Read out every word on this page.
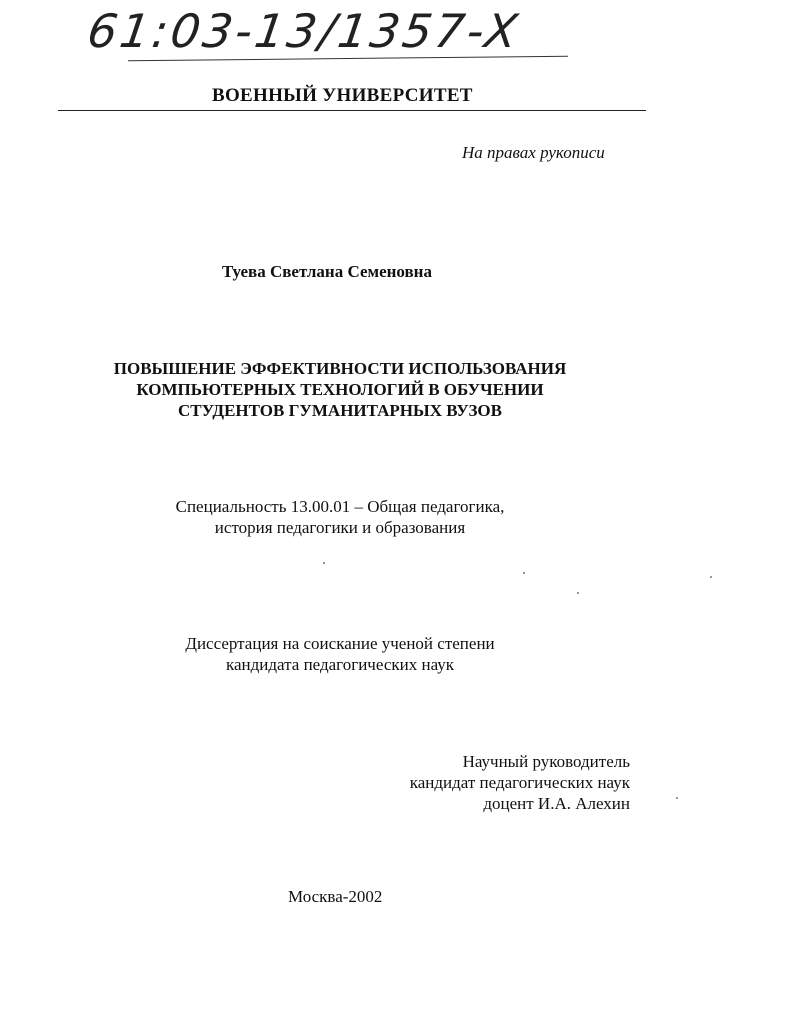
61:03-13/1357-X
ВОЕННЫЙ УНИВЕРСИТЕТ
На правах рукописи
Туева Светлана Семеновна
ПОВЫШЕНИЕ ЭФФЕКТИВНОСТИ ИСПОЛЬЗОВАНИЯ
КОМПЬЮТЕРНЫХ ТЕХНОЛОГИЙ В ОБУЧЕНИИ
СТУДЕНТОВ ГУМАНИТАРНЫХ ВУЗОВ
Специальность 13.00.01 – Общая педагогика,
история педагогики и образования
Диссертация на соискание ученой степени
кандидата педагогических наук
Научный руководитель
кандидат педагогических наук
доцент И.А. Алехин
Москва-2002
